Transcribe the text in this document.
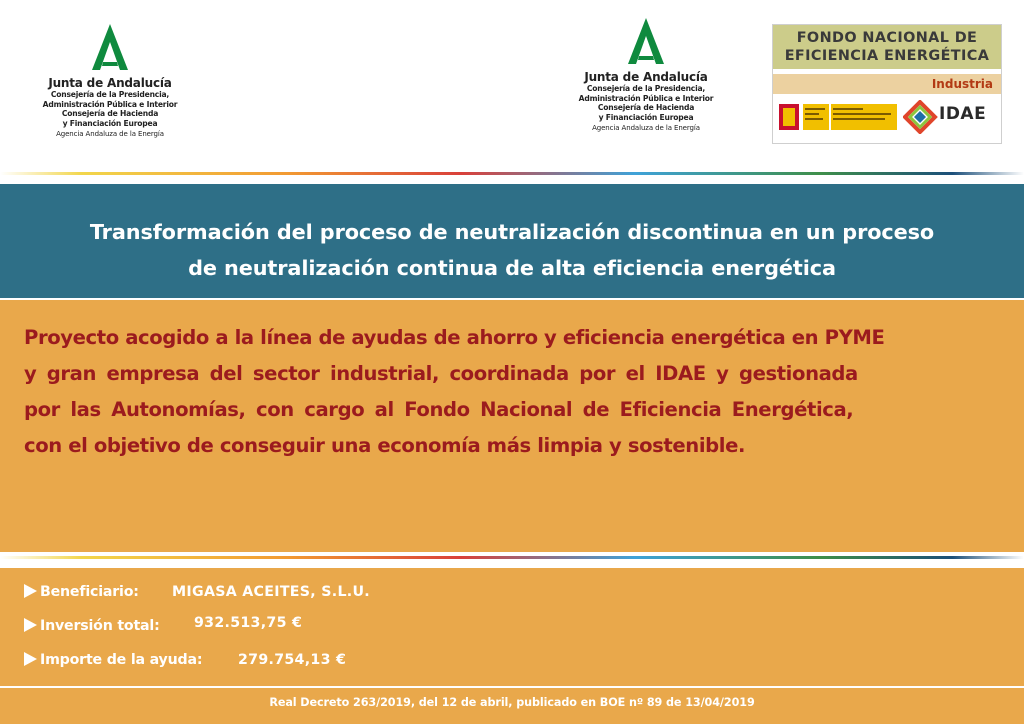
Junta de Andalucía
Consejería de la Presidencia,
Administración Pública e Interior
Consejería de Hacienda
y Financiación Europea
Agencia Andaluza de la Energía
Junta de Andalucía
Consejería de la Presidencia,
Administración Pública e Interior
Consejería de Hacienda
y Financiación Europea
Agencia Andaluza de la Energía
FONDO NACIONAL DE
EFICIENCIA ENERGÉTICA
Industria
IDAE
Transformación del proceso de neutralización discontinua en un proceso
de neutralización continua de alta eficiencia energética
Proyecto acogido a la línea de ayudas de ahorro y eficiencia energética en PYME
y gran empresa del sector industrial, coordinada por el IDAE y gestionada
por las Autonomías, con cargo al Fondo Nacional de Eficiencia Energética,
con el objetivo de conseguir una economía más limpia y sostenible.
Beneficiario: MIGASA ACEITES, S.L.U.
Inversión total: 932.513,75 €
Importe de la ayuda:	279.754,13 €
Real Decreto 263/2019, del 12 de abril, publicado en BOE nº 89 de 13/04/2019
